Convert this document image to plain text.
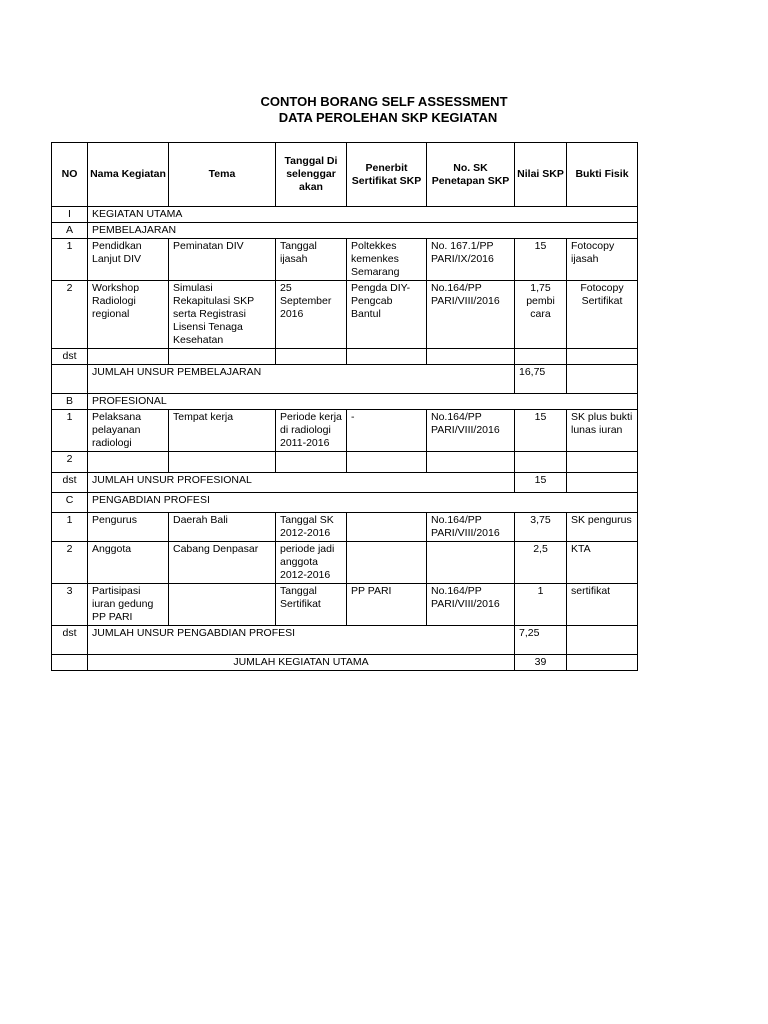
CONTOH BORANG SELF ASSESSMENT
DATA PEROLEHAN SKP KEGIATAN
NO	Nama Kegiatan	Tema	Tanggal Di selenggar akan	Penerbit Sertifikat SKP	No. SK Penetapan SKP	Nilai SKP	Bukti Fisik
I	KEGIATAN UTAMA						
A	PEMBELAJARAN						
1	Pendidkan Lanjut DIV	Peminatan DIV	Tanggal ijasah	Poltekkes kemenkes Semarang	No. 167.1/PP PARI/IX/2016	15	Fotocopy ijasah
2	Workshop Radiologi regional	Simulasi Rekapitulasi SKP serta Registrasi Lisensi Tenaga Kesehatan	25 September 2016	Pengda DIY- Pengcab Bantul	No.164/PP PARI/VIII/2016	1,75 pembi cara	Fotocopy Sertifikat
dst							
	JUMLAH UNSUR PEMBELAJARAN					16,75	
B	PROFESIONAL						
1	Pelaksana pelayanan radiologi	Tempat kerja	Periode kerja di radiologi 2011-2016	-	No.164/PP PARI/VIII/2016	15	SK plus bukti lunas iuran
2							
dst	JUMLAH UNSUR PROFESIONAL					15	
C	PENGABDIAN PROFESI						
1	Pengurus	Daerah Bali	Tanggal SK 2012-2016		No.164/PP PARI/VIII/2016	3,75	SK pengurus
2	Anggota	Cabang Denpasar	periode jadi anggota 2012-2016			2,5	KTA
3	Partisipasi iuran gedung PP PARI		Tanggal Sertifikat	PP PARI	No.164/PP PARI/VIII/2016	1	sertifikat
dst	JUMLAH UNSUR PENGABDIAN PROFESI					7,25	
	JUMLAH KEGIATAN UTAMA					39	
